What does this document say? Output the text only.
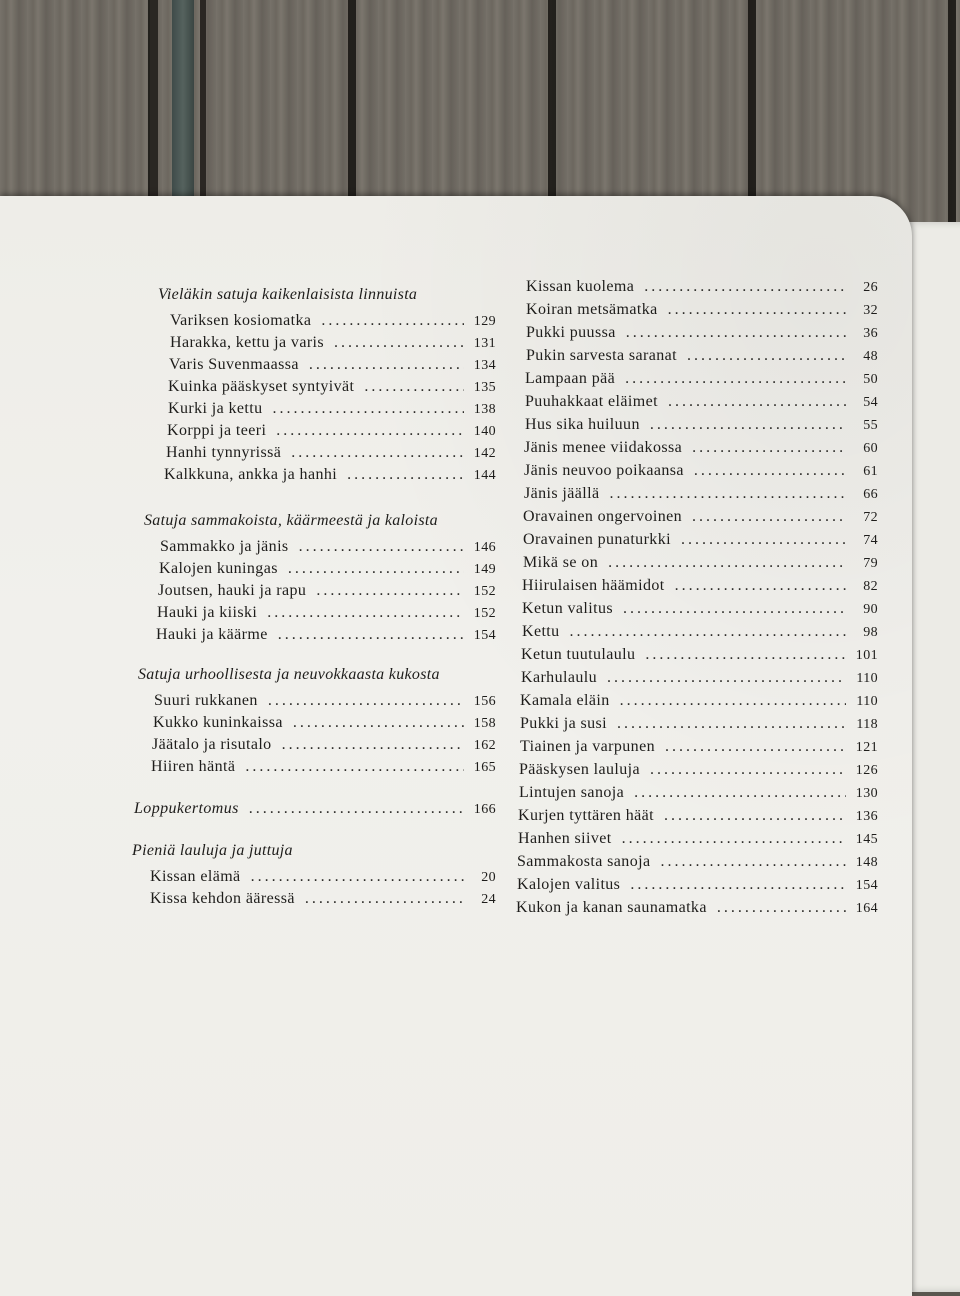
Vieläkin satuja kaikenlaisista linnuista
Variksen kosiomatka .....	129
Harakka, kettu ja varis .....	131
Varis Suvenmaassa .....	134
Kuinka pääskyset syntyivät .....	135
Kurki ja kettu .....	138
Korppi ja teeri .....	140
Hanhi tynnyrissä .....	142
Kalkkuna, ankka ja hanhi .....	144
Satuja sammakoista, käärmeestä ja kaloista
Sammakko ja jänis .....	146
Kalojen kuningas .....	149
Joutsen, hauki ja rapu .....	152
Hauki ja kiiski .....	152
Hauki ja käärme .....	154
Satuja urhoollisesta ja neuvokkaasta kukosta
Suuri rukkanen .....	156
Kukko kuninkaissa .....	158
Jäätalo ja risutalo .....	162
Hiiren häntä .....	165
Loppukertomus .....	166
Pieniä lauluja ja juttuja
Kissan elämä .....	20
Kissa kehdon ääressä .....	24
Kissan kuolema .....	26
Koiran metsämatka .....	32
Pukki puussa .....	36
Pukin sarvesta saranat .....	48
Lampaan pää .....	50
Puuhakkaat eläimet .....	54
Hus sika huiluun .....	55
Jänis menee viidakossa .....	60
Jänis neuvoo poikaansa .....	61
Jänis jäällä .....	66
Oravainen ongervoinen .....	72
Oravainen punaturkki .....	74
Mikä se on .....	79
Hiirulaisen häämidot .....	82
Ketun valitus .....	90
Kettu .....	98
Ketun tuutulaulu .....	101
Karhulaulu .....	110
Kamala eläin .....	110
Pukki ja susi .....	118
Tiainen ja varpunen .....	121
Pääskysen lauluja .....	126
Lintujen sanoja .....	130
Kurjen tyttären häät .....	136
Hanhen siivet .....	145
Sammakosta sanoja .....	148
Kalojen valitus .....	154
Kukon ja kanan saunamatka .....	164
